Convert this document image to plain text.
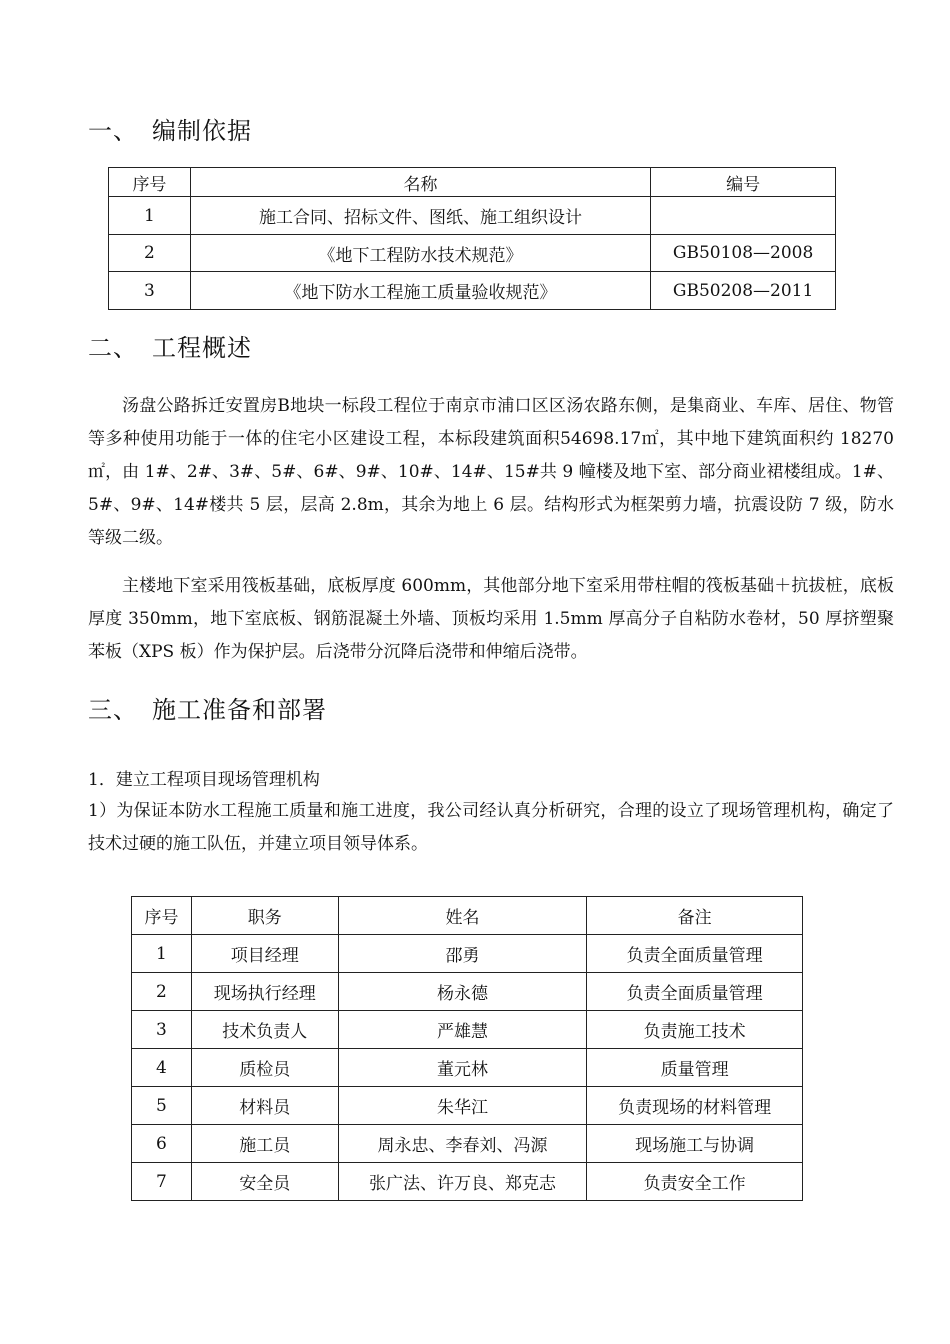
一、 编制依据
序号	名称	编号
1	施工合同、招标文件、图纸、施工组织设计	
2	《地下工程防水技术规范》	GB50108—2008
3	《地下防水工程施工质量验收规范》	GB50208—2011
二、 工程概述
汤盘公路拆迁安置房B地块一标段工程位于南京市浦口区区汤农路东侧，是集商业、车库、居住、物管等多种使用功能于一体的住宅小区建设工程，本标段建筑面积54698.17㎡，其中地下建筑面积约 18270㎡，由 1#、2#、3#、5#、6#、9#、10#、14#、15#共 9 幢楼及地下室、部分商业裙楼组成。1#、5#、9#、14#楼共 5 层，层高 2.8m，其余为地上 6 层。结构形式为框架剪力墙，抗震设防 7 级，防水等级二级。
主楼地下室采用筏板基础，底板厚度 600mm，其他部分地下室采用带柱帽的筏板基础＋抗拔桩，底板厚度 350mm，地下室底板、钢筋混凝土外墙、顶板均采用 1.5mm 厚高分子自粘防水卷材，50 厚挤塑聚苯板（XPS 板）作为保护层。后浇带分沉降后浇带和伸缩后浇带。
三、 施工准备和部署
1．建立工程项目现场管理机构
1）为保证本防水工程施工质量和施工进度，我公司经认真分析研究，合理的设立了现场管理机构，确定了技术过硬的施工队伍，并建立项目领导体系。
序号	职务	姓名	备注
1	项目经理	邵勇	负责全面质量管理
2	现场执行经理	杨永德	负责全面质量管理
3	技术负责人	严雄慧	负责施工技术
4	质检员	董元林	质量管理
5	材料员	朱华江	负责现场的材料管理
6	施工员	周永忠、李春刘、冯源	现场施工与协调
7	安全员	张广法、许万良、郑克志	负责安全工作
